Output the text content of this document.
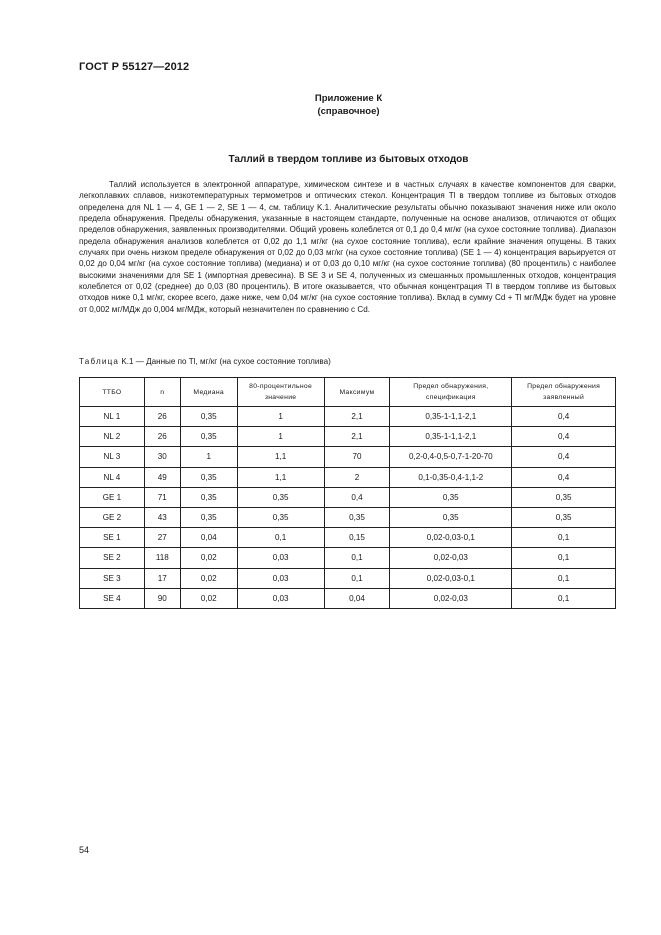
ГОСТ Р 55127—2012
Приложение К
(справочное)
Таллий в твердом топливе из бытовых отходов

Таллий используется в электронной аппаратуре, химическом синтезе и в частных случаях в качестве компонентов для сварки, легкоплавких сплавов, низкотемпературных термометров и оптических стекол. Концентрация Tl в твердом топливе из бытовых отходов определена для NL 1 — 4, GE 1 — 2, SE 1 — 4, см. таблицу K.1. Аналитические результаты обычно показывают значения ниже или около предела обнаружения. Пределы обнаружения, указанные в настоящем стандарте, полученные на основе анализов, отличаются от общих пределов обнаружения, заявленных производителями. Общий уровень колеблется от 0,1 до 0,4 мг/кг (на сухое состояние топлива). Диапазон предела обнаружения анализов колеблется от 0,02 до 1,1 мг/кг (на сухое состояние топлива), если крайние значения опущены. В таких случаях при очень низком пределе обнаружения от 0,02 до 0,03 мг/кг (на сухое состояние топлива) (SE 1 — 4) концентрация варьируется от 0,02 до 0,04 мг/кг (на сухое состояние топлива) (медиана) и от 0,03 до 0,10 мг/кг (на сухое состояние топлива) (80 процентиль) с наиболее высокими значениями для SE 1 (импортная древесина). В SE 3 и SE 4, полученных из смешанных промышленных отходов, концентрация колеблется от 0,02 (среднее) до 0,03 (80 процентиль). В итоге оказывается, что обычная концентрация Tl в твердом топливе из бытовых отходов ниже 0,1 мг/кг, скорее всего, даже ниже, чем 0,04 мг/кг (на сухое состояние топлива). Вклад в сумму Cd + Tl мг/МДж будет на уровне от 0,002 мг/МДж до 0,004 мг/МДж, который незначителен по сравнению с Cd.

Таблица K.1 — Данные по Tl, мг/кг (на сухое состояние топлива)
ТТБО	n	Медиана	80-процентильное значение	Максимум	Предел обнаружения, спецификация	Предел обнаружения заявленный
NL 1	26	0,35	1	2,1	0,35-1-1,1-2,1	0,4
NL 2	26	0,35	1	2,1	0,35-1-1,1-2,1	0,4
NL 3	30	1	1,1	70	0,2-0,4-0,5-0,7-1-20-70	0,4
NL 4	49	0,35	1,1	2	0,1-0,35-0,4-1,1-2	0,4
GE 1	71	0,35	0,35	0,4	0,35	0,35
GE 2	43	0,35	0,35	0,35	0,35	0,35
SE 1	27	0,04	0,1	0,15	0,02-0,03-0,1	0,1
SE 2	118	0,02	0,03	0,1	0,02-0,03	0,1
SE 3	17	0,02	0,03	0,1	0,02-0,03-0,1	0,1
SE 4	90	0,02	0,03	0,04	0,02-0,03	0,1
54
